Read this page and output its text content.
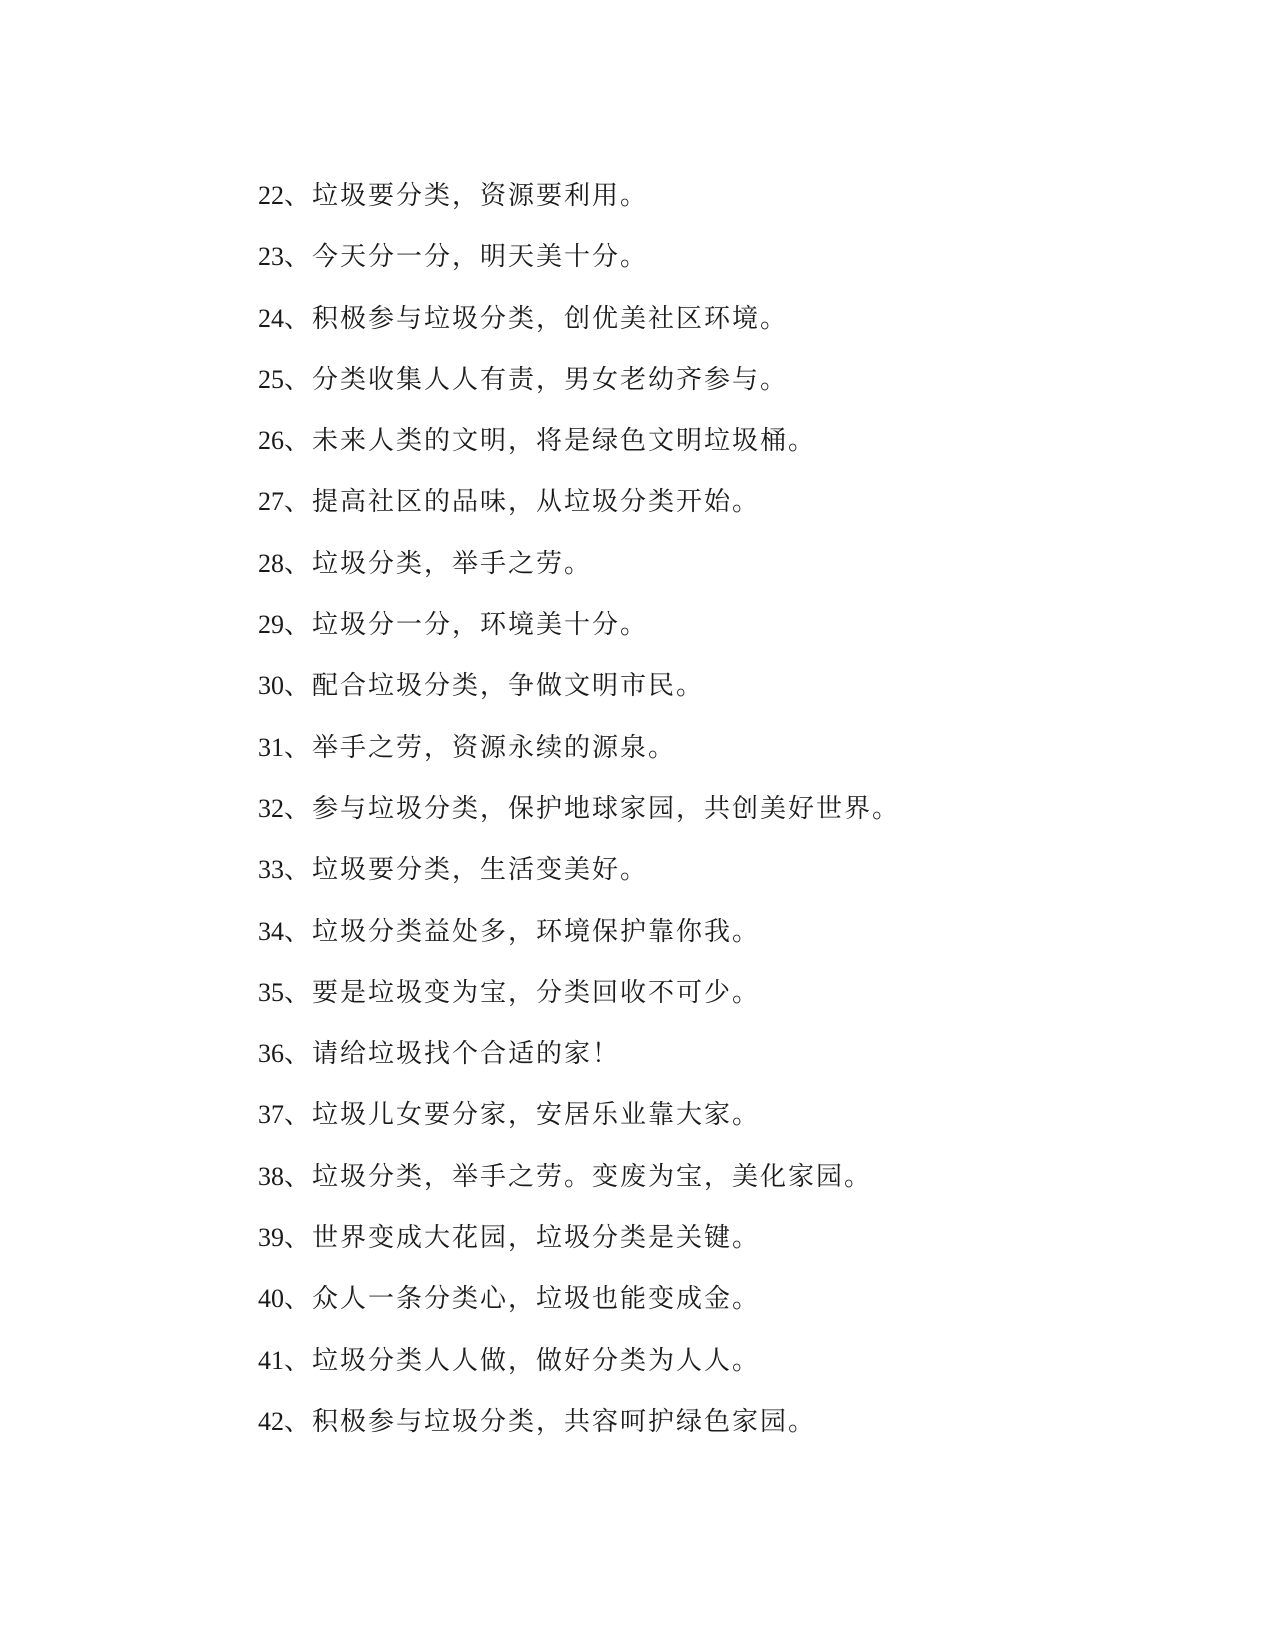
22、垃圾要分类，资源要利用。
23、今天分一分，明天美十分。
24、积极参与垃圾分类，创优美社区环境。
25、分类收集人人有责，男女老幼齐参与。
26、未来人类的文明，将是绿色文明垃圾桶。
27、提高社区的品味，从垃圾分类开始。
28、垃圾分类，举手之劳。
29、垃圾分一分，环境美十分。
30、配合垃圾分类，争做文明市民。
31、举手之劳，资源永续的源泉。
32、参与垃圾分类，保护地球家园，共创美好世界。
33、垃圾要分类，生活变美好。
34、垃圾分类益处多，环境保护靠你我。
35、要是垃圾变为宝，分类回收不可少。
36、请给垃圾找个合适的家！
37、垃圾儿女要分家，安居乐业靠大家。
38、垃圾分类，举手之劳。变废为宝，美化家园。
39、世界变成大花园，垃圾分类是关键。
40、众人一条分类心，垃圾也能变成金。
41、垃圾分类人人做，做好分类为人人。
42、积极参与垃圾分类，共容呵护绿色家园。
